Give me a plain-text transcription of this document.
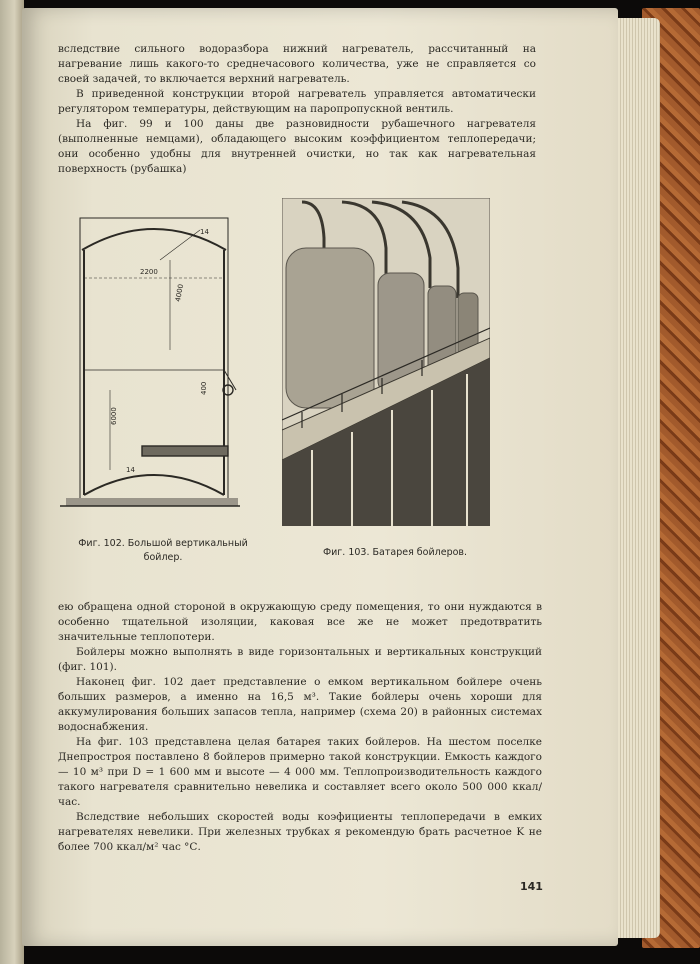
вследствие сильного водоразбора нижний нагреватель, рассчитанный на нагревание лишь какого-то среднечасового количества, уже не справляется со своей задачей, то включается верхний нагреватель.

В приведенной конструкции второй нагреватель управляется автоматически регулятором температуры, действующим на паропропускной вентиль.

На фиг. 99 и 100 даны две разновидности рубашечного нагревателя (выполненные немцами), обладающего высоким коэффициентом теплопередачи; они особенно удобны для внутренней очистки, но так как нагревательная поверхность (рубашка)

2200
4000
400
6000
14
14
Фиг. 102. Большой вертикальный бойлер.	Фиг. 103. Батарея бойлеров.

ею обращена одной стороной в окружающую среду помещения, то они нуждаются в особенно тщательной изоляции, каковая все же не может предотвратить значительные теплопотери.

Бойлеры можно выполнять в виде горизонтальных и вертикальных конструкций (фиг. 101).

Наконец фиг. 102 дает представление о емком вертикальном бойлере очень больших размеров, а именно на 16,5 м³. Такие бойлеры очень хороши для аккумулирования больших запасов тепла, например (схема 20) в районных системах водоснабжения.

На фиг. 103 представлена целая батарея таких бойлеров. На шестом поселке Днепростроя поставлено 8 бойлеров примерно такой конструкции. Емкость каждого — 10 м³ при D = 1 600 мм и высоте — 4 000 мм. Теплопроизводительность каждого такого нагревателя сравнительно невелика и составляет всего около 500 000 ккал/час.

Вследствие небольших скоростей воды коэфициенты теплопередачи в емких нагревателях невелики. При железных трубках я рекомендую брать расчетное K не более 700 ккал/м² час °С.

141
